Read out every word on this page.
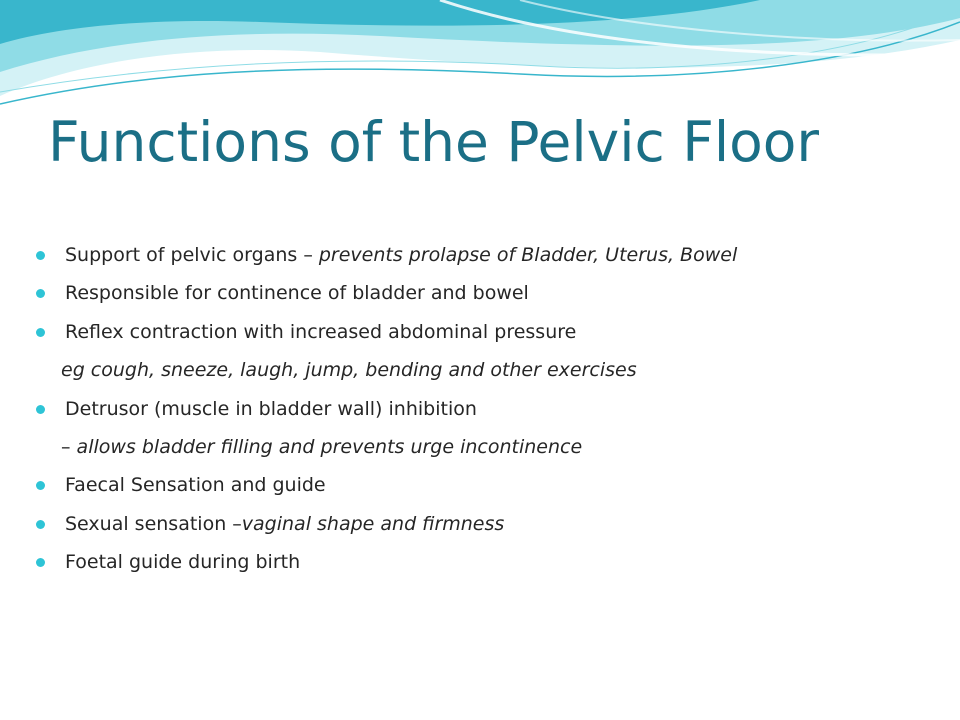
Functions of the Pelvic Floor
Support of pelvic organs – prevents prolapse of Bladder, Uterus, Bowel
Responsible for continence of bladder and bowel
Reflex contraction with increased abdominal pressure
eg cough, sneeze, laugh, jump, bending and other exercises
Detrusor (muscle in bladder wall) inhibition
– allows bladder filling and prevents urge incontinence
Faecal Sensation and guide
Sexual sensation –vaginal shape and firmness
Foetal guide during birth
